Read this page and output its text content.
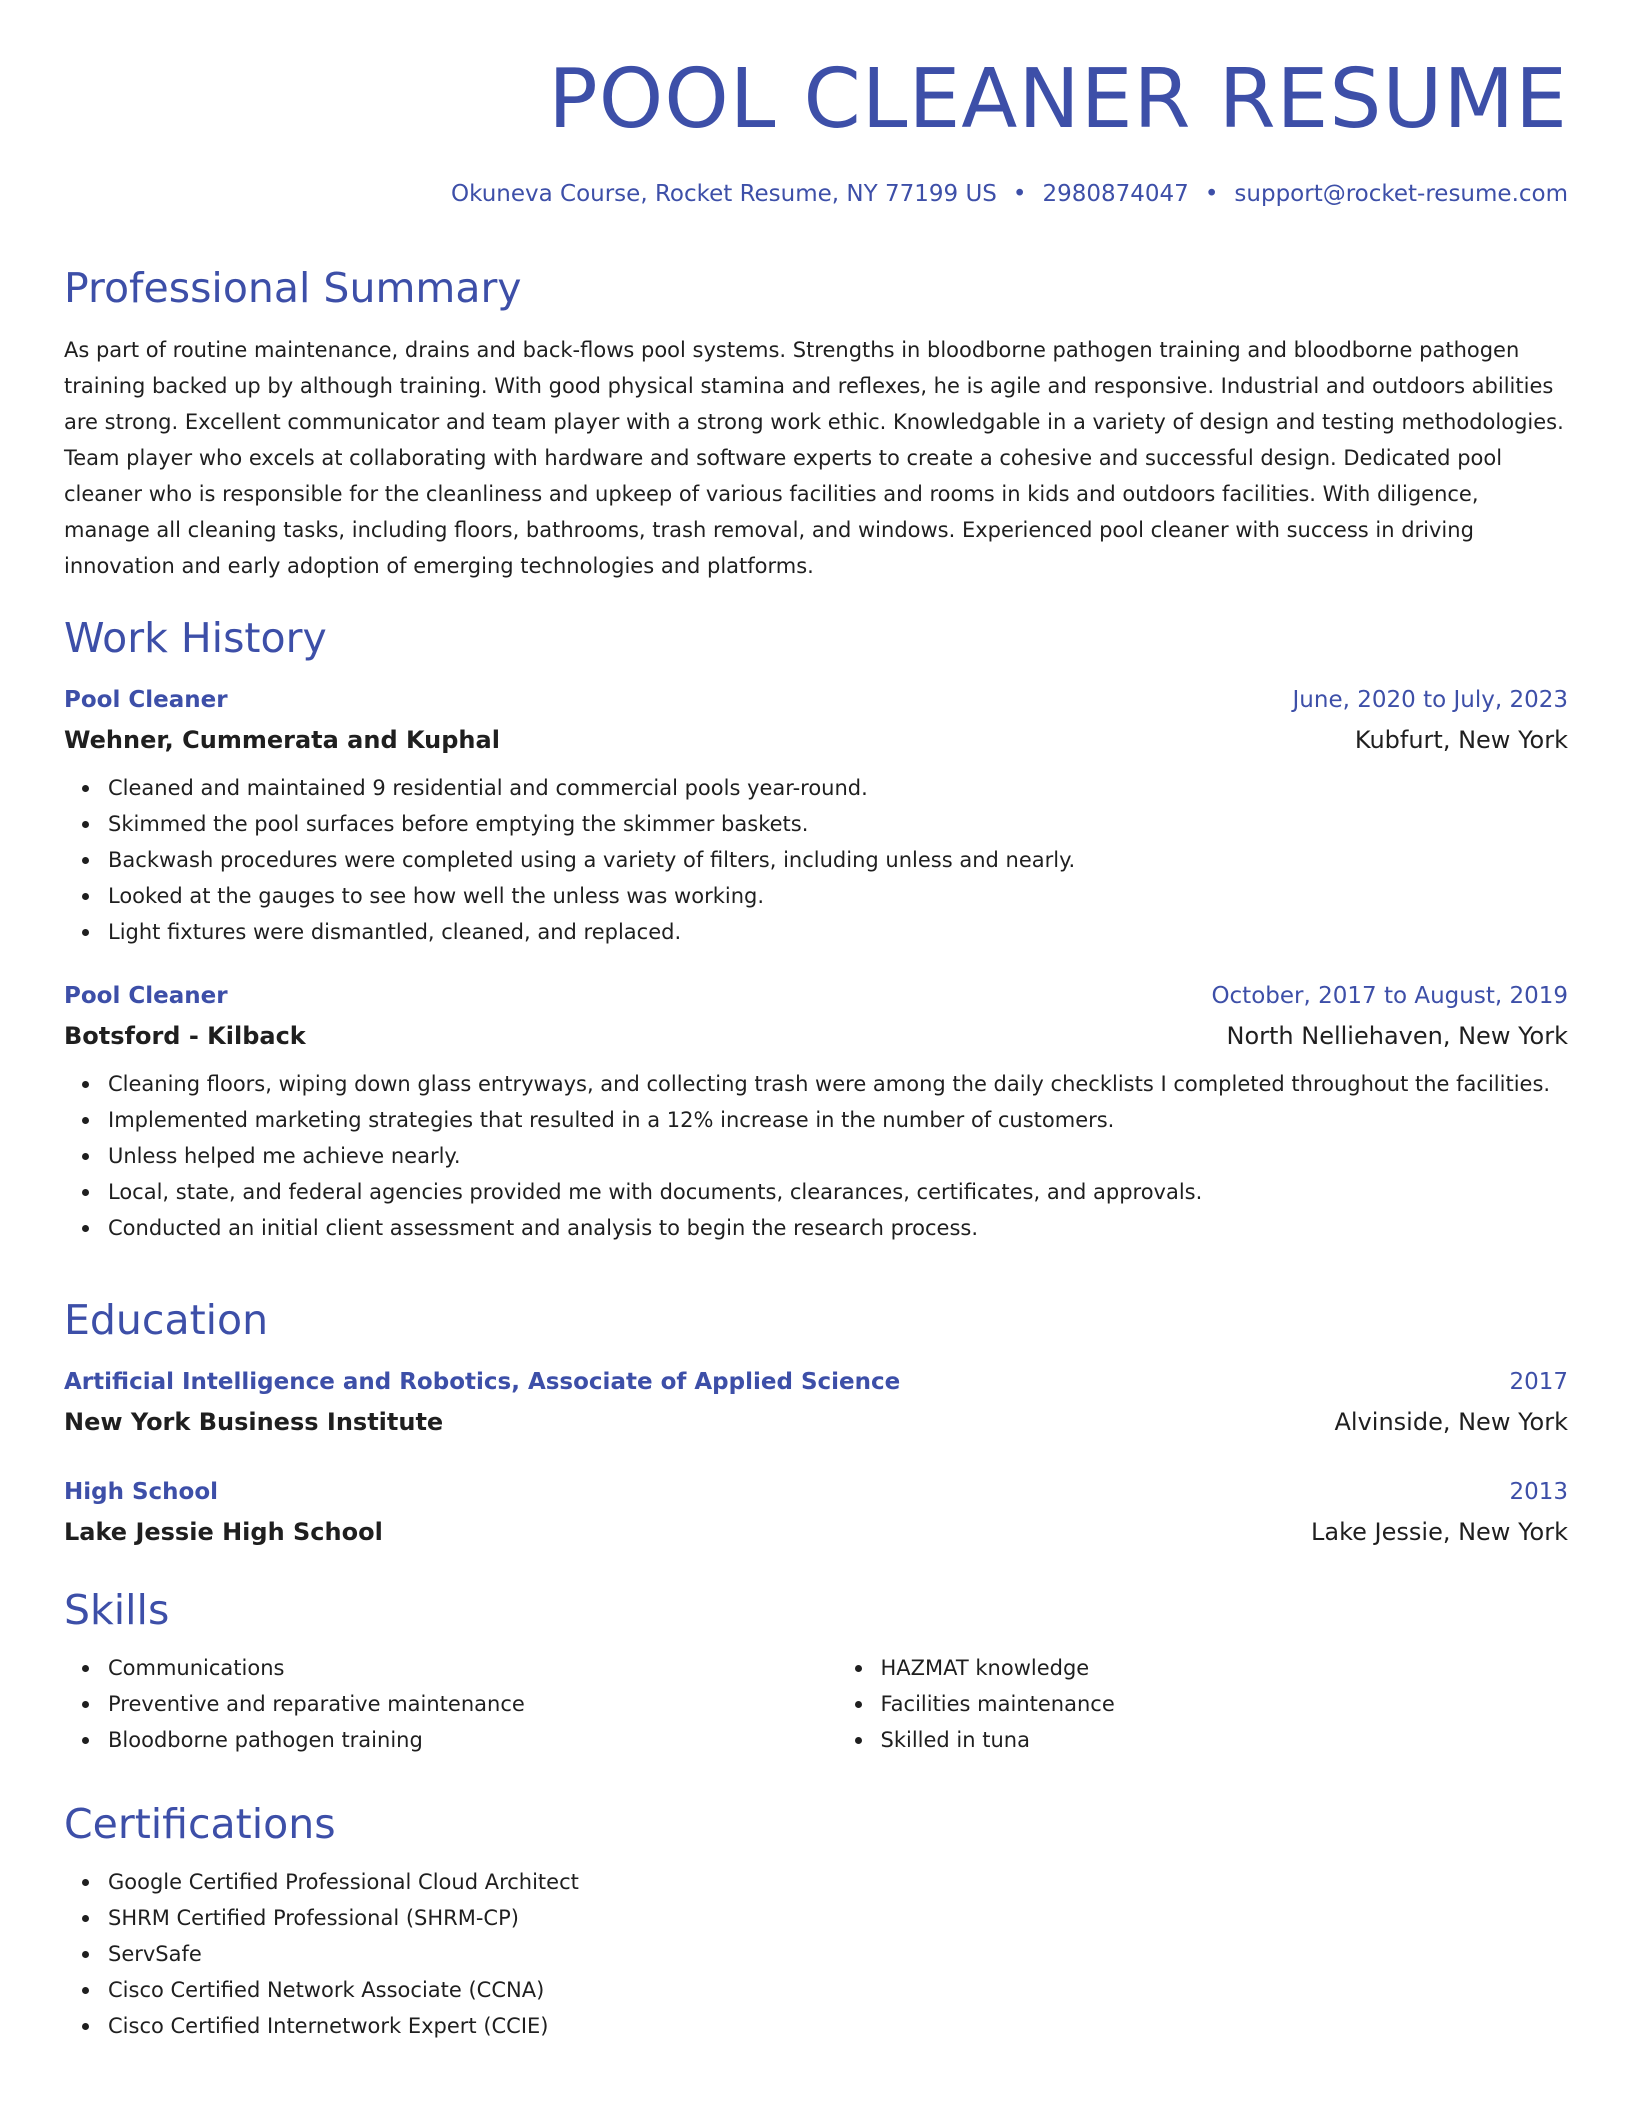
POOL CLEANER RESUME
Okuneva Course, Rocket Resume, NY 77199 US • 2980874047 • support@rocket-resume.com
Professional Summary

As part of routine maintenance, drains and back-flows pool systems. Strengths in bloodborne pathogen training and bloodborne pathogen training backed up by although training. With good physical stamina and reflexes, he is agile and responsive. Industrial and outdoors abilities are strong. Excellent communicator and team player with a strong work ethic. Knowledgable in a variety of design and testing methodologies. Team player who excels at collaborating with hardware and software experts to create a cohesive and successful design. Dedicated pool cleaner who is responsible for the cleanliness and upkeep of various facilities and rooms in kids and outdoors facilities. With diligence, manage all cleaning tasks, including floors, bathrooms, trash removal, and windows. Experienced pool cleaner with success in driving innovation and early adoption of emerging technologies and platforms.

Work History
Pool Cleaner	June, 2020 to July, 2023
Wehner, Cummerata and Kuphal	Kubfurt, New York
Cleaned and maintained 9 residential and commercial pools year-round.
Skimmed the pool surfaces before emptying the skimmer baskets.
Backwash procedures were completed using a variety of filters, including unless and nearly.
Looked at the gauges to see how well the unless was working.
Light fixtures were dismantled, cleaned, and replaced.
Pool Cleaner	October, 2017 to August, 2019
Botsford - Kilback	North Nelliehaven, New York
Cleaning floors, wiping down glass entryways, and collecting trash were among the daily checklists I completed throughout the facilities.
Implemented marketing strategies that resulted in a 12% increase in the number of customers.
Unless helped me achieve nearly.
Local, state, and federal agencies provided me with documents, clearances, certificates, and approvals.
Conducted an initial client assessment and analysis to begin the research process.
Education
Artificial Intelligence and Robotics, Associate of Applied Science	2017
New York Business Institute	Alvinside, New York
High School	2013
Lake Jessie High School	Lake Jessie, New York
Skills
Communications
Preventive and reparative maintenance
Bloodborne pathogen training
HAZMAT knowledge
Facilities maintenance
Skilled in tuna
Certifications
Google Certified Professional Cloud Architect
SHRM Certified Professional (SHRM-CP)
ServSafe
Cisco Certified Network Associate (CCNA)
Cisco Certified Internetwork Expert (CCIE)
